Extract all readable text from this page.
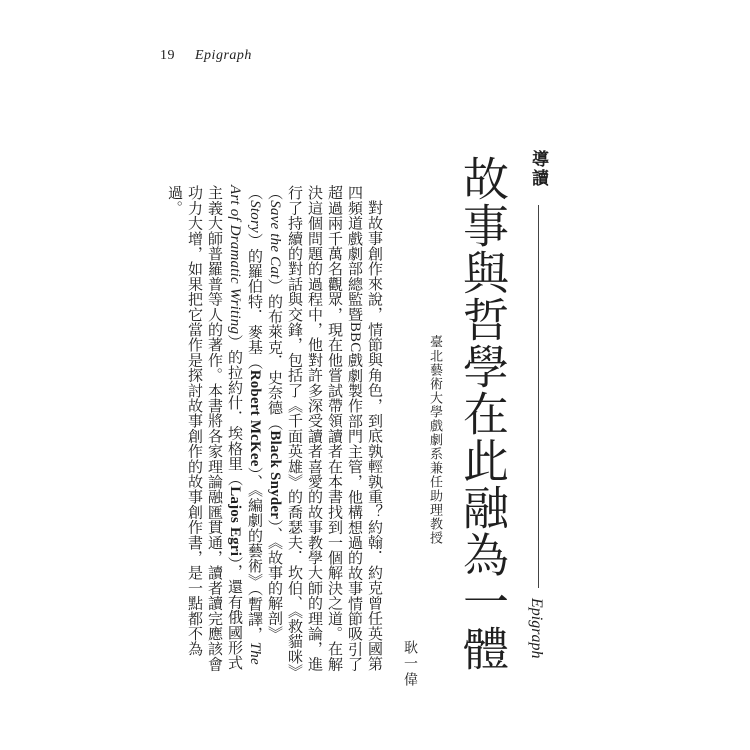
19 Epigraph
導讀
Epigraph
故事與哲學在此融為一體
臺北藝術大學戲劇系兼任助理教授
耿一偉

對故事創作來說，情節與角色，到底孰輕孰重？約翰．約克曾任英國第四頻道戲劇部總監暨BBC戲劇製作部門主管，他構想過的故事情節吸引了超過兩千萬名觀眾，現在他嘗試帶領讀者在本書找到一個解決之道。在解決這個問題的過程中，他對許多深受讀者喜愛的故事教學大師的理論，進行了持續的對話與交鋒，包括了《千面英雄》的喬瑟夫．坎伯、《救貓咪》（Save the Cat）的布萊克．史奈德（Black Snyder）、《故事的解剖》（Story）的羅伯特．麥基（Robert McKee）、《編劇的藝術》（暫譯，The Art of Dramatic Writing）的拉約什．埃格里（Lajos Egri），還有俄國形式主義大師普羅普等人的著作。本書將各家理論融匯貫通，讀者讀完應該會功力大增，如果把它當作是探討故事創作的故事創作書，是一點都不為過。
